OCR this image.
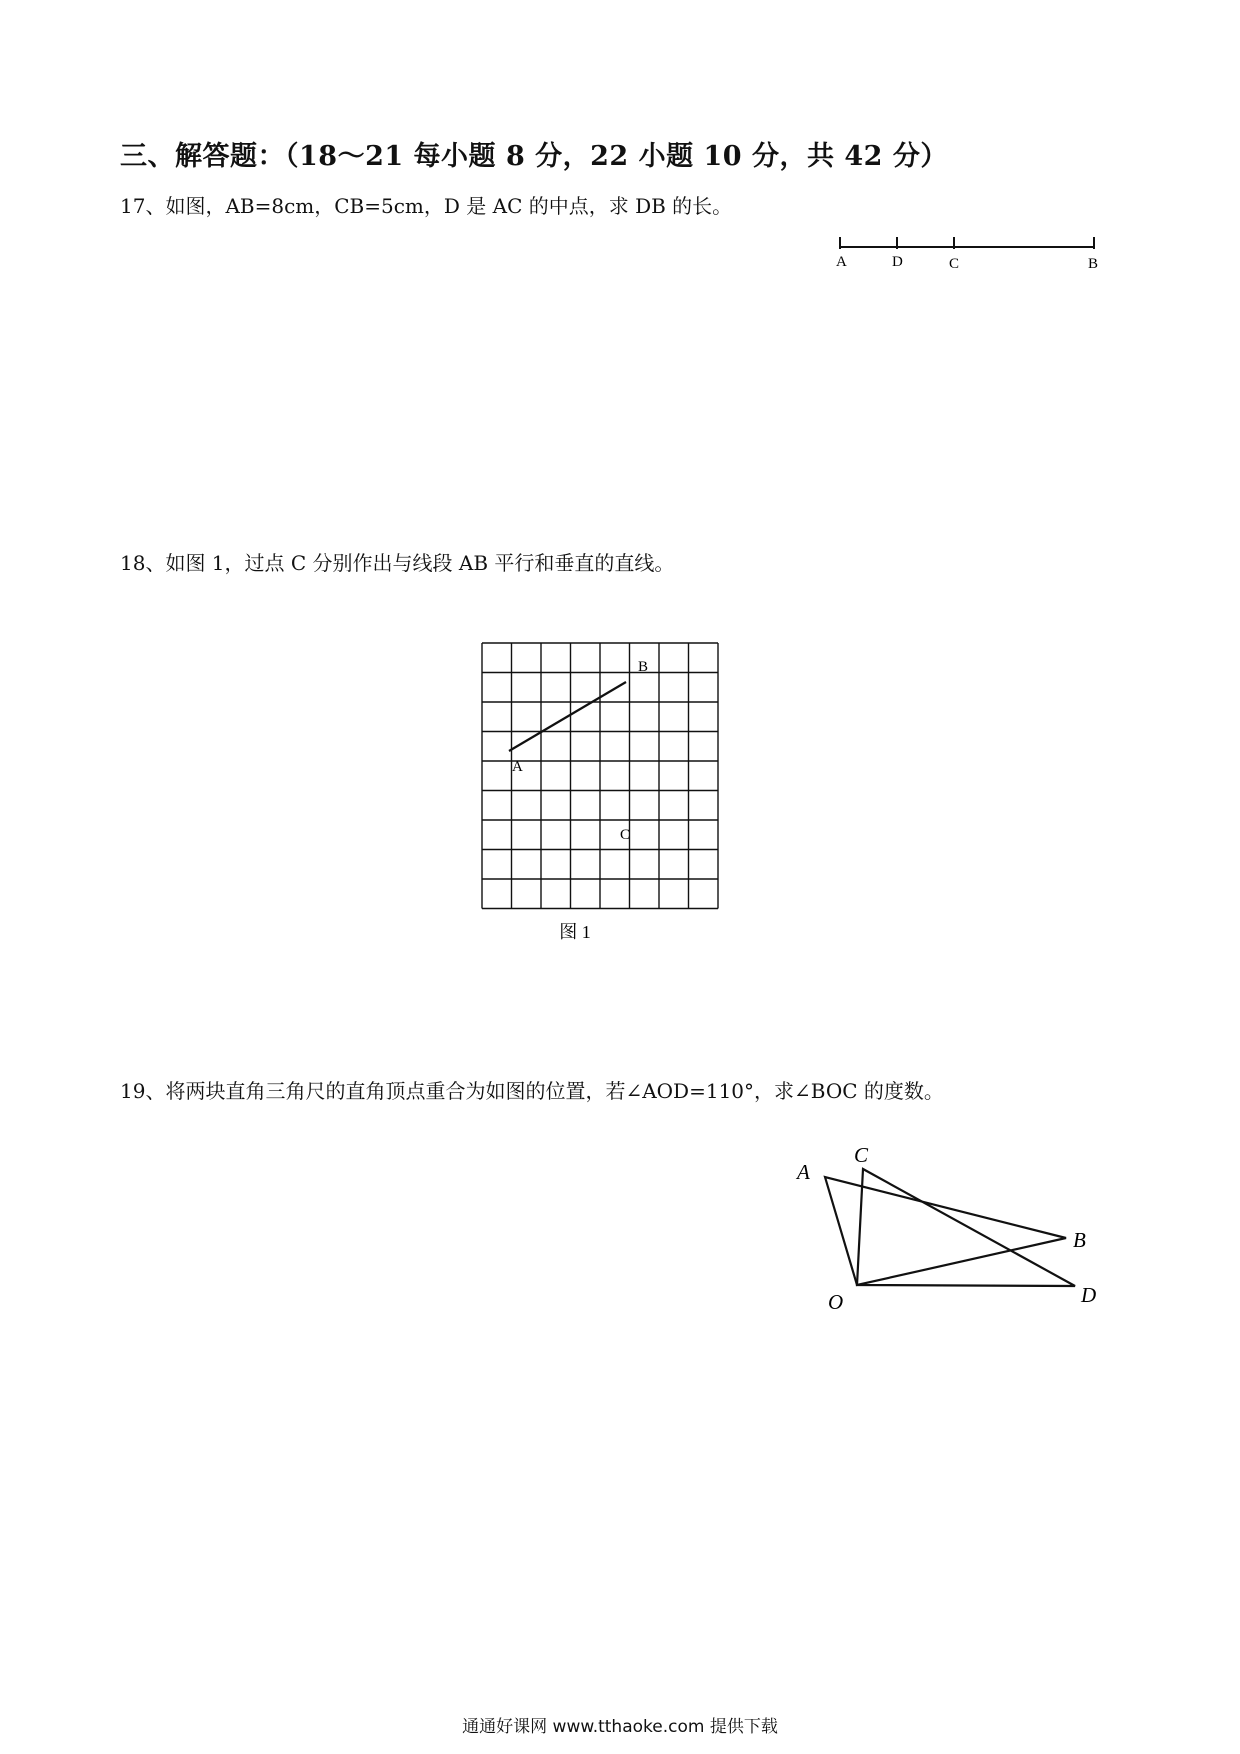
三、解答题：（18～21 每小题 8 分，22 小题 10 分，共 42 分）
17、如图，AB=8cm，CB=5cm，D 是 AC 的中点，求 DB 的长。
A	D	C	B
18、如图 1，过点 C 分别作出与线段 AB 平行和垂直的直线。
B
A
C
图 1
19、将两块直角三角尺的直角顶点重合为如图的位置，若∠AOD=110°，求∠BOC 的度数。
A
C
B
O	D
通通好课网 www.tthaoke.com 提供下载
